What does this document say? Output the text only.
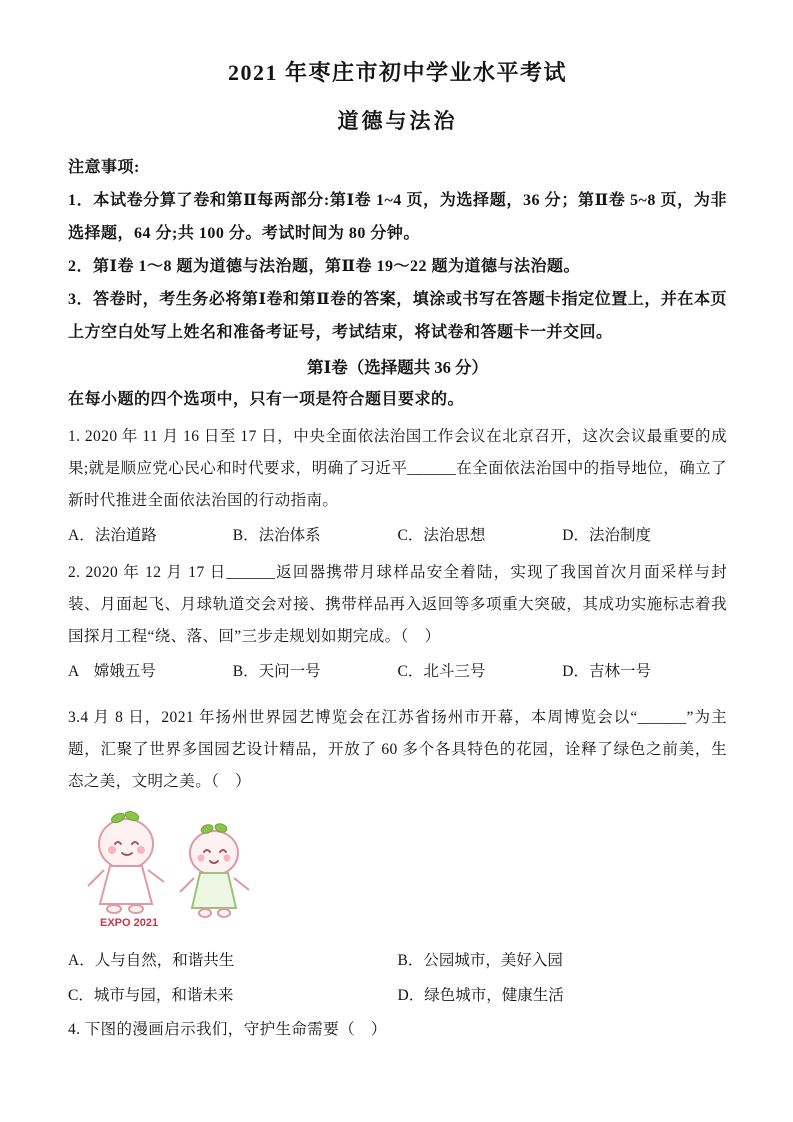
2021 年枣庄市初中学业水平考试
道德与法治

注意事项:

1．本试卷分算了卷和第Ⅱ每两部分:第Ⅰ卷 1~4 页，为选择题，36 分；第Ⅱ卷 5~8 页，为非选择题，64 分;共 100 分。考试时间为 80 分钟。

2．第Ⅰ卷 1～8 题为道德与法治题，第Ⅱ卷 19～22 题为道德与法治题。

3．答卷时，考生务必将第Ⅰ卷和第Ⅱ卷的答案，填涂或书写在答题卡指定位置上，并在本页上方空白处写上姓名和准备考证号，考试结束，将试卷和答题卡一并交回。

第Ⅰ卷（选择题共 36 分）

在每小题的四个选项中，只有一项是符合题目要求的。

1. 2020 年 11 月 16 日至 17 日，中央全面依法治国工作会议在北京召开，这次会议最重要的成果;就是顺应党心民心和时代要求，明确了习近平______在全面依法治国中的指导地位，确立了新时代推进全面依法治国的行动指南。

A．法治道路	B．法治体系	C．法治思想	D．法治制度

2. 2020 年 12 月 17 日______返回器携带月球样品安全着陆，实现了我国首次月面采样与封装、月面起飞、月球轨道交会对接、携带样品再入返回等多项重大突破，其成功实施标志着我国探月工程“绕、落、回”三步走规划如期完成。（　）

A　嫦娥五号	B．天问一号	C．北斗三号	D．吉林一号

3.4 月 8 日，2021 年扬州世界园艺博览会在江苏省扬州市开幕，本周博览会以“______”为主题，汇聚了世界多国园艺设计精品，开放了 60 多个各具特色的花园，诠释了绿色之前美，生态之美，文明之美。（　）

EXPO 2021
A．人与自然，和谐共生	B．公园城市，美好入园
C．城市与园，和谐未来	D．绿色城市，健康生活

4. 下图的漫画启示我们，守护生命需要（　）
